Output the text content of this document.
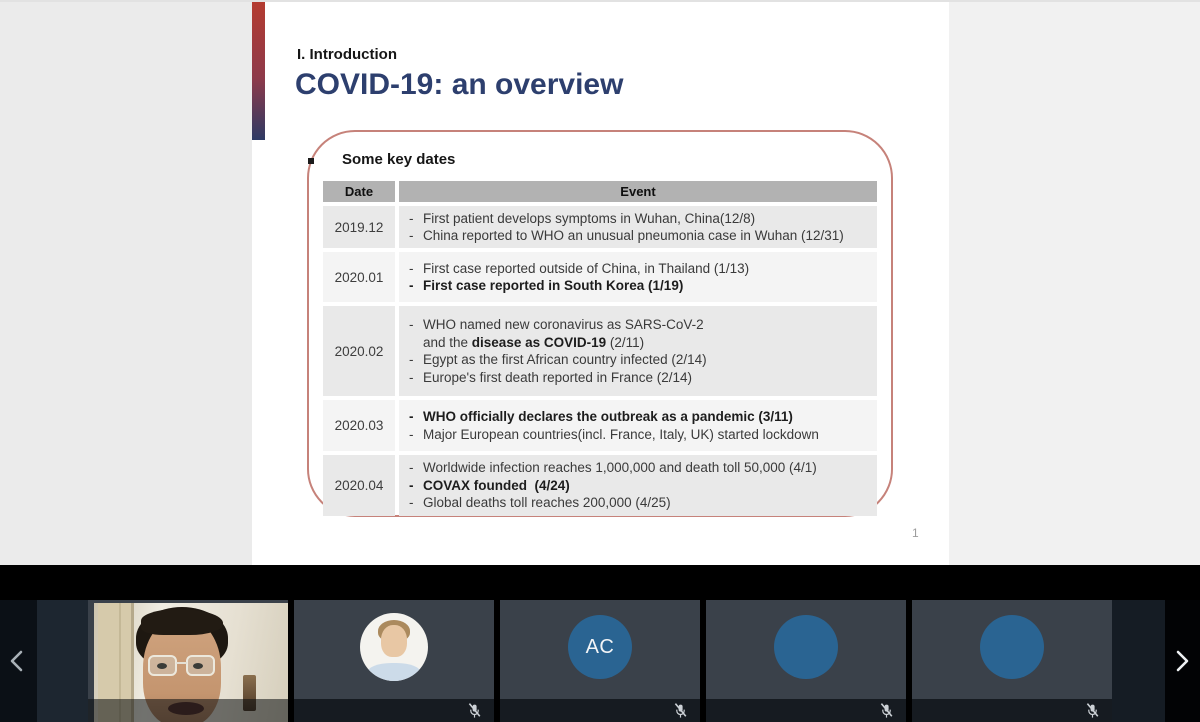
I. Introduction
COVID-19: an overview
Some key dates
Date	Event
2019.12
- First patient develops symptoms in Wuhan, China(12/8)
- China reported to WHO an unusual pneumonia case in Wuhan (12/31)
2020.01
- First case reported outside of China, in Thailand (1/13)
- First case reported in South Korea (1/19)
2020.02
- WHO named new coronavirus as SARS-CoV-2
and the disease as COVID-19 (2/11)
- Egypt as the first African country infected (2/14)
- Europe's first death reported in France (2/14)
2020.03
- WHO officially declares the outbreak as a pandemic (3/11)
- Major European countries(incl. France, Italy, UK) started lockdown
2020.04
- Worldwide infection reaches 1,000,000 and death toll 50,000 (4/1)
- COVAX founded  (4/24)
- Global deaths toll reaches 200,000 (4/25)
1
AC
